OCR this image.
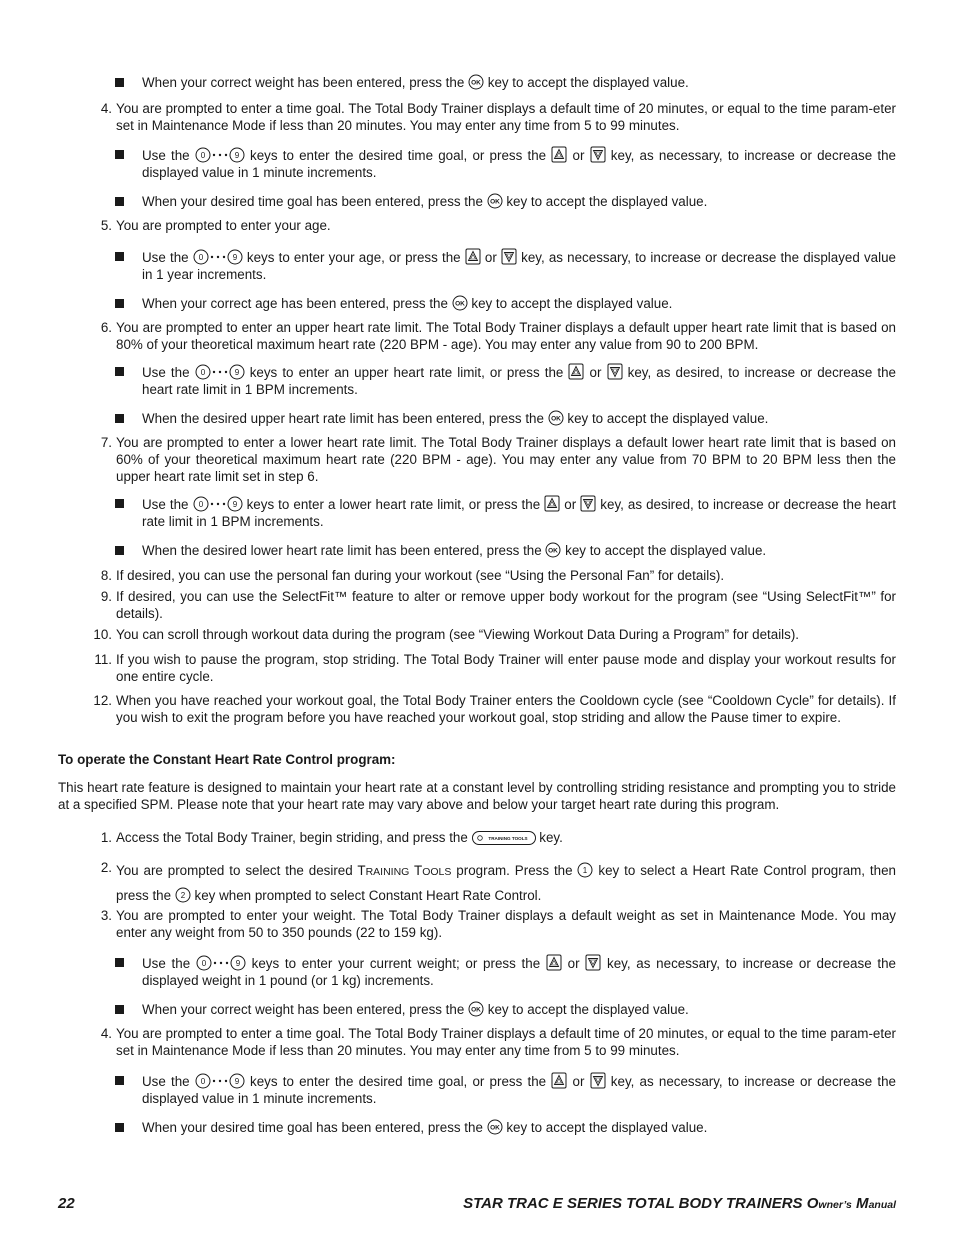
22	STAR TRAC E SERIES TOTAL BODY TRAINERS Owner’s Manual
When your correct weight has been entered, press the OK key to accept the displayed value.
4. You are prompted to enter a time goal. The Total Body Trainer displays a default time of 20 minutes, or equal to the time param-eter set in Maintenance Mode if less than 20 minutes. You may enter any time from 5 to 99 minutes.
Use the 0	9 keys to enter the desired time goal, or press the
or
key, as necessary, to increase or decrease the displayed value in 1 minute increments.
When your desired time goal has been entered, press the OK key to accept the displayed value.
5. You are prompted to enter your age.
Use the 0	9 keys to enter your age, or press the
or
key, as necessary, to increase or decrease the displayed value in 1 year increments.
When your correct age has been entered, press the OK key to accept the displayed value.
6. You are prompted to enter an upper heart rate limit. The Total Body Trainer displays a default upper heart rate limit that is based on 80% of your theoretical maximum heart rate (220 BPM - age). You may enter any value from 90 to 200 BPM.
Use the 0	9 keys to enter an upper heart rate limit, or press the
or
key, as desired, to increase or decrease the heart rate limit in 1 BPM increments.
When the desired upper heart rate limit has been entered, press the OK key to accept the displayed value.
7. You are prompted to enter a lower heart rate limit. The Total Body Trainer displays a default lower heart rate limit that is based on 60% of your theoretical maximum heart rate (220 BPM - age). You may enter any value from 70 BPM to 20 BPM less then the upper heart rate limit set in step 6.
Use the 0	9 keys to enter a lower heart rate limit, or press the
or
key, as desired, to increase or decrease the heart rate limit in 1 BPM increments.
When the desired lower heart rate limit has been entered, press the OK key to accept the displayed value.
8. If desired, you can use the personal fan during your workout (see “Using the Personal Fan” for details).
9. If desired, you can use the SelectFit™ feature to alter or remove upper body workout for the program (see “Using SelectFit™” for details).
10. You can scroll through workout data during the program (see “Viewing Workout Data During a Program” for details).
11. If you wish to pause the program, stop striding. The Total Body Trainer will enter pause mode and display your workout results for one entire cycle.
12. When you have reached your workout goal, the Total Body Trainer enters the Cooldown cycle (see “Cooldown Cycle” for details). If you wish to exit the program before you have reached your workout goal, stop striding and allow the Pause timer to expire.
To operate the Constant Heart Rate Control program:
This heart rate feature is designed to maintain your heart rate at a constant level by controlling striding resistance and prompting you to stride at a specified SPM. Please note that your heart rate may vary above and below your target heart rate during this program.
1. Access the Total Body Trainer, begin striding, and press the	TRAINING TOOLS key.
2. You are prompted to select the desired TRAINING TOOLS program. Press the 1 key to select a Heart Rate Control program, then press the 2 key when prompted to select Constant Heart Rate Control.
3. You are prompted to enter your weight. The Total Body Trainer displays a default weight as set in Maintenance Mode. You may enter any weight from 50 to 350 pounds (22 to 159 kg).
Use the 0	9 keys to enter your current weight; or press the
or
key, as necessary, to increase or decrease the displayed weight in 1 pound (or 1 kg) increments.
When your correct weight has been entered, press the OK key to accept the displayed value.
4. You are prompted to enter a time goal. The Total Body Trainer displays a default time of 20 minutes, or equal to the time param-eter set in Maintenance Mode if less than 20 minutes. You may enter any time from 5 to 99 minutes.
Use the 0	9 keys to enter the desired time goal, or press the
or
key, as necessary, to increase or decrease the displayed value in 1 minute increments.
When your desired time goal has been entered, press the OK key to accept the displayed value.
